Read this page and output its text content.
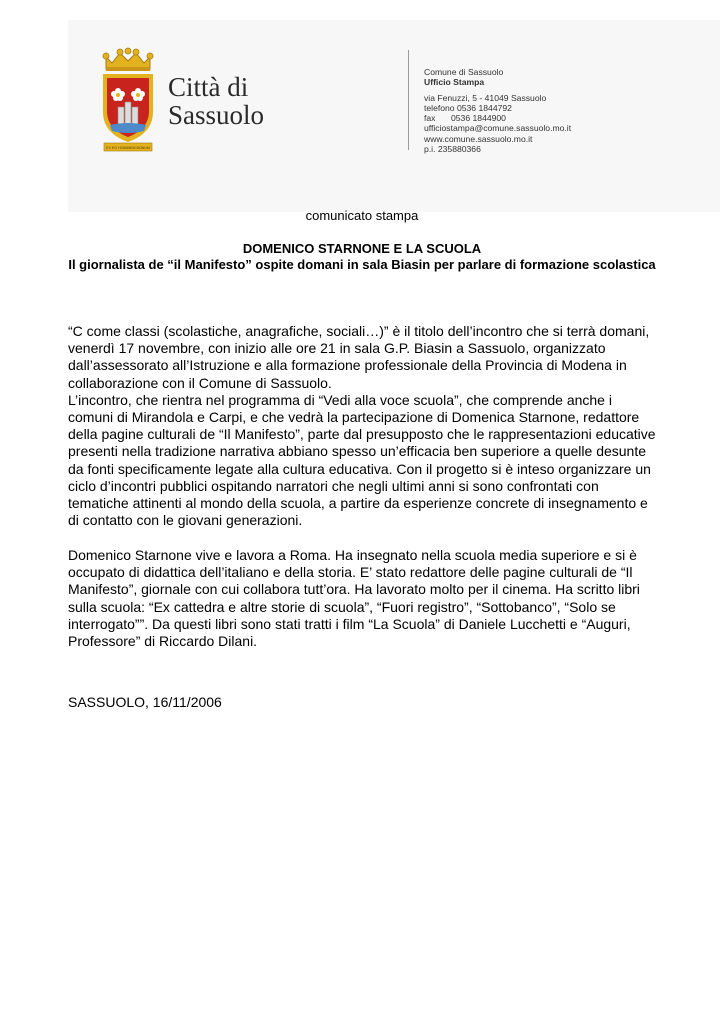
EX EO HOMINEM BONUM
Città di
Sassuolo
Comune di Sassuolo
Ufficio Stampa
via Fenuzzi, 5 - 41049 Sassuolo
telefono 0536 1844792
fax 0536 1844900
ufficiostampa@comune.sassuolo.mo.it
www.comune.sassuolo.mo.it
p.i. 235880366
comunicato stampa
DOMENICO STARNONE E LA SCUOLA
Il giornalista de “il Manifesto” ospite domani in sala Biasin per parlare di formazione scolastica

“C come classi (scolastiche, anagrafiche, sociali…)” è il titolo dell’incontro che si terrà domani, venerdì 17 novembre, con inizio alle ore 21 in sala G.P. Biasin a Sassuolo, organizzato dall’assessorato all’Istruzione e alla formazione professionale della Provincia di Modena in collaborazione con il Comune di Sassuolo.

L’incontro, che rientra nel programma di “Vedi alla voce scuola”, che comprende anche i comuni di Mirandola e Carpi, e che vedrà la partecipazione di Domenica Starnone, redattore della pagine culturali de “Il Manifesto”, parte dal presupposto che le rappresentazioni educative presenti nella tradizione narrativa abbiano spesso un’efficacia ben superiore a quelle desunte da fonti specificamente legate alla cultura educativa. Con il progetto si è inteso organizzare un ciclo d’incontri pubblici ospitando narratori che negli ultimi anni si sono confrontati con tematiche attinenti al mondo della scuola, a partire da esperienze concrete di insegnamento e di contatto con le giovani generazioni.

Domenico Starnone vive e lavora a Roma. Ha insegnato nella scuola media superiore e si è occupato di didattica dell’italiano e della storia. E’ stato redattore delle pagine culturali de “Il Manifesto”, giornale con cui collabora tutt’ora. Ha lavorato molto per il cinema. Ha scritto libri sulla scuola: “Ex cattedra e altre storie di scuola”, “Fuori registro”, “Sottobanco”, “Solo se interrogato””. Da questi libri sono stati tratti i film “La Scuola” di Daniele Lucchetti e “Auguri, Professore” di Riccardo Dilani.

SASSUOLO, 16/11/2006
